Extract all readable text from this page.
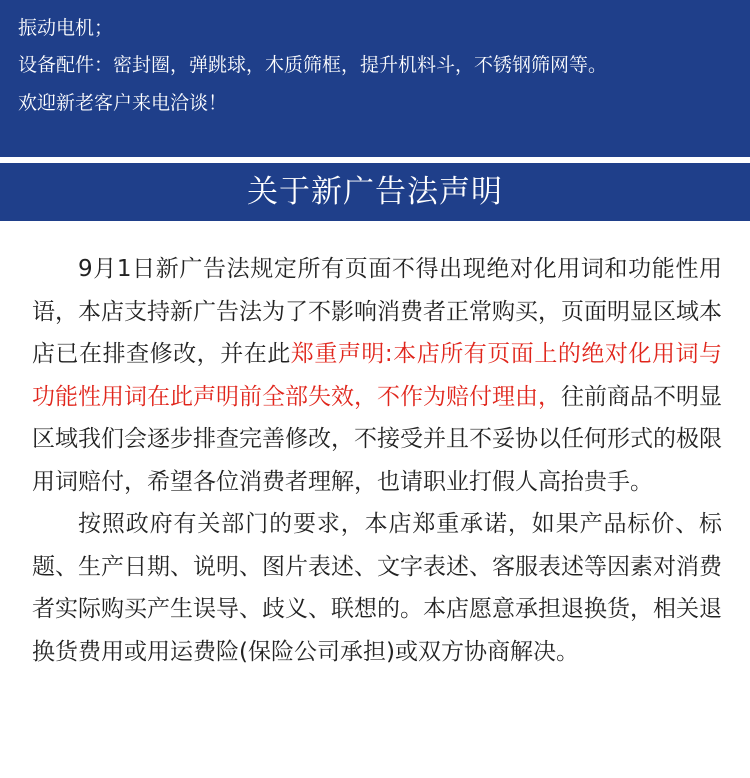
振动电机；
设备配件：密封圈，弹跳球，木质筛框，提升机料斗，不锈钢筛网等。
欢迎新老客户来电洽谈！
关于新广告法声明

9月1日新广告法规定所有页面不得出现绝对化用词和功能性用语，本店支持新广告法为了不影响消费者正常购买，页面明显区域本店已在排查修改，并在此郑重声明:本店所有页面上的绝对化用词与功能性用词在此声明前全部失效，不作为赔付理由，往前商品不明显区域我们会逐步排查完善修改，不接受并且不妥协以任何形式的极限用词赔付，希望各位消费者理解，也请职业打假人高抬贵手。

按照政府有关部门的要求，本店郑重承诺，如果产品标价、标题、生产日期、说明、图片表述、文字表述、客服表述等因素对消费者实际购买产生误导、歧义、联想的。本店愿意承担退换货，相关退换货费用或用运费险(保险公司承担)或双方协商解决。
